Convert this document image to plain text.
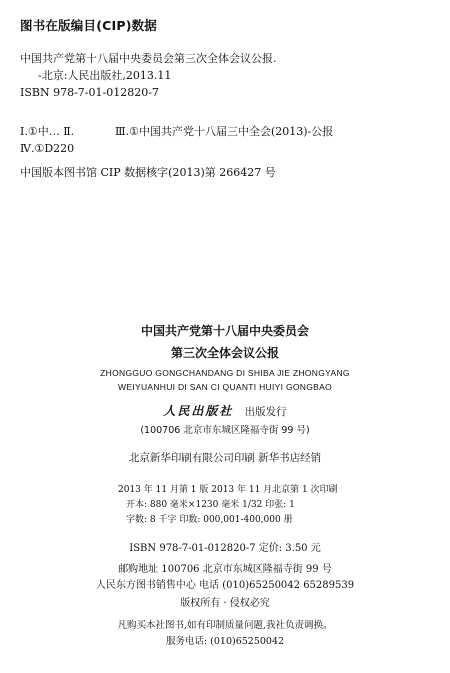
图书在版编目(CIP)数据
中国共产党第十八届中央委员会第三次全体会议公报.
-北京:人民出版社,2013.11
ISBN 978-7-01-012820-7
Ⅰ.①中… Ⅱ.	Ⅲ.①中国共产党十八届三中全会(2013)-公报
Ⅳ.①D220
中国版本图书馆 CIP 数据核字(2013)第 266427 号
中国共产党第十八届中央委员会
第三次全体会议公报
ZHONGGUO GONGCHANDANG DI SHIBA JIE ZHONGYANG
WEIYUANHUI DI SAN CI QUANTI HUIYI GONGBAO
人民出版社 出版发行
(100706 北京市东城区隆福寺街 99 号)
北京新华印刷有限公司印刷 新华书店经销
2013 年 11 月第 1 版 2013 年 11 月北京第 1 次印刷
开本: 880 毫米×1230 毫米 1/32 印张: 1
字数: 8 千字 印数: 000,001-400,000 册
ISBN 978-7-01-012820-7 定价: 3.50 元
邮购地址 100706 北京市东城区隆福寺街 99 号
人民东方图书销售中心 电话 (010)65250042 65289539
版权所有 · 侵权必究
凡购买本社图书,如有印制质量问题,我社负责调换。
服务电话: (010)65250042
